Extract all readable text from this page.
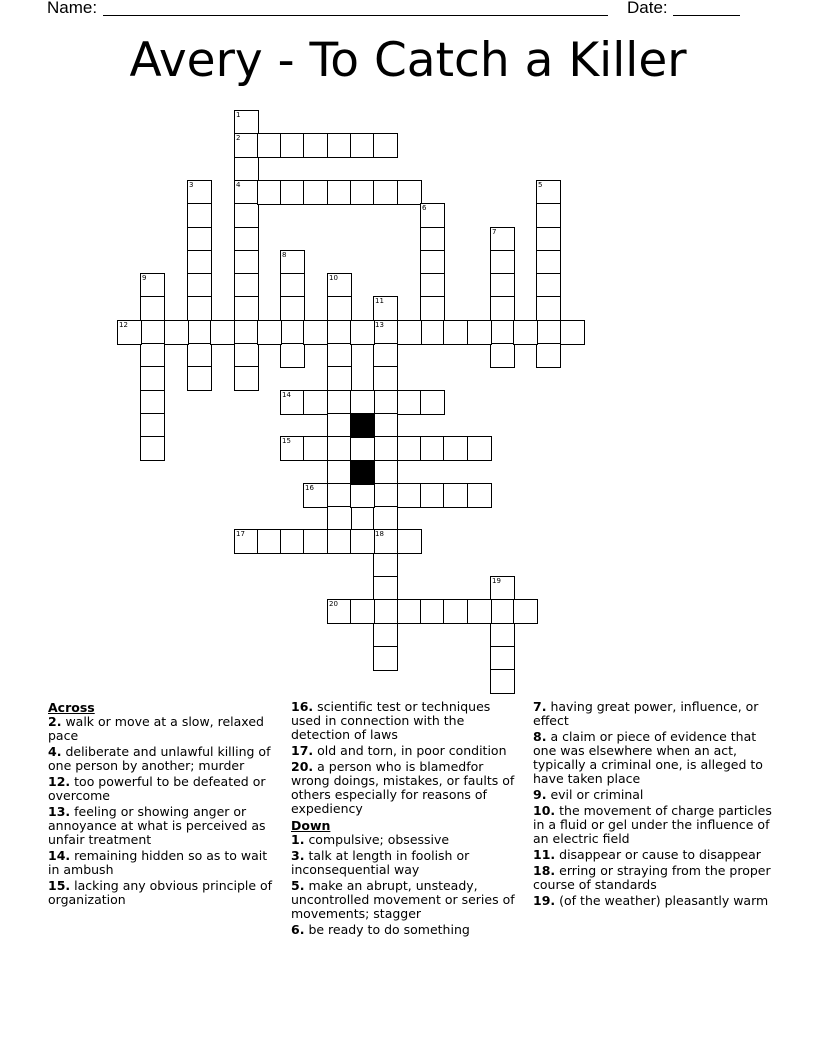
Name:	Date:
Avery - To Catch a Killer
1
2
3	4	5
6
7
8
9	10
11
12	13
14
15
16
17	18
19
20
Across

2. walk or move at a slow, relaxed pace

4. deliberate and unlawful killing of one person by another; murder

12. too powerful to be defeated or overcome

13. feeling or showing anger or annoyance at what is perceived as unfair treatment

14. remaining hidden so as to wait in ambush

15. lacking any obvious principle of organization

16. scientific test or techniques used in connection with the detection of laws

17. old and torn, in poor condition

20. a person who is blamedfor wrong doings, mistakes, or faults of others especially for reasons of expediency

Down

1. compulsive; obsessive

3. talk at length in foolish or inconsequential way

5. make an abrupt, unsteady, uncontrolled movement or series of movements; stagger

6. be ready to do something

7. having great power, influence, or effect

8. a claim or piece of evidence that one was elsewhere when an act, typically a criminal one, is alleged to have taken place

9. evil or criminal

10. the movement of charge particles in a fluid or gel under the influence of an electric field

11. disappear or cause to disappear

18. erring or straying from the proper course of standards

19. (of the weather) pleasantly warm
